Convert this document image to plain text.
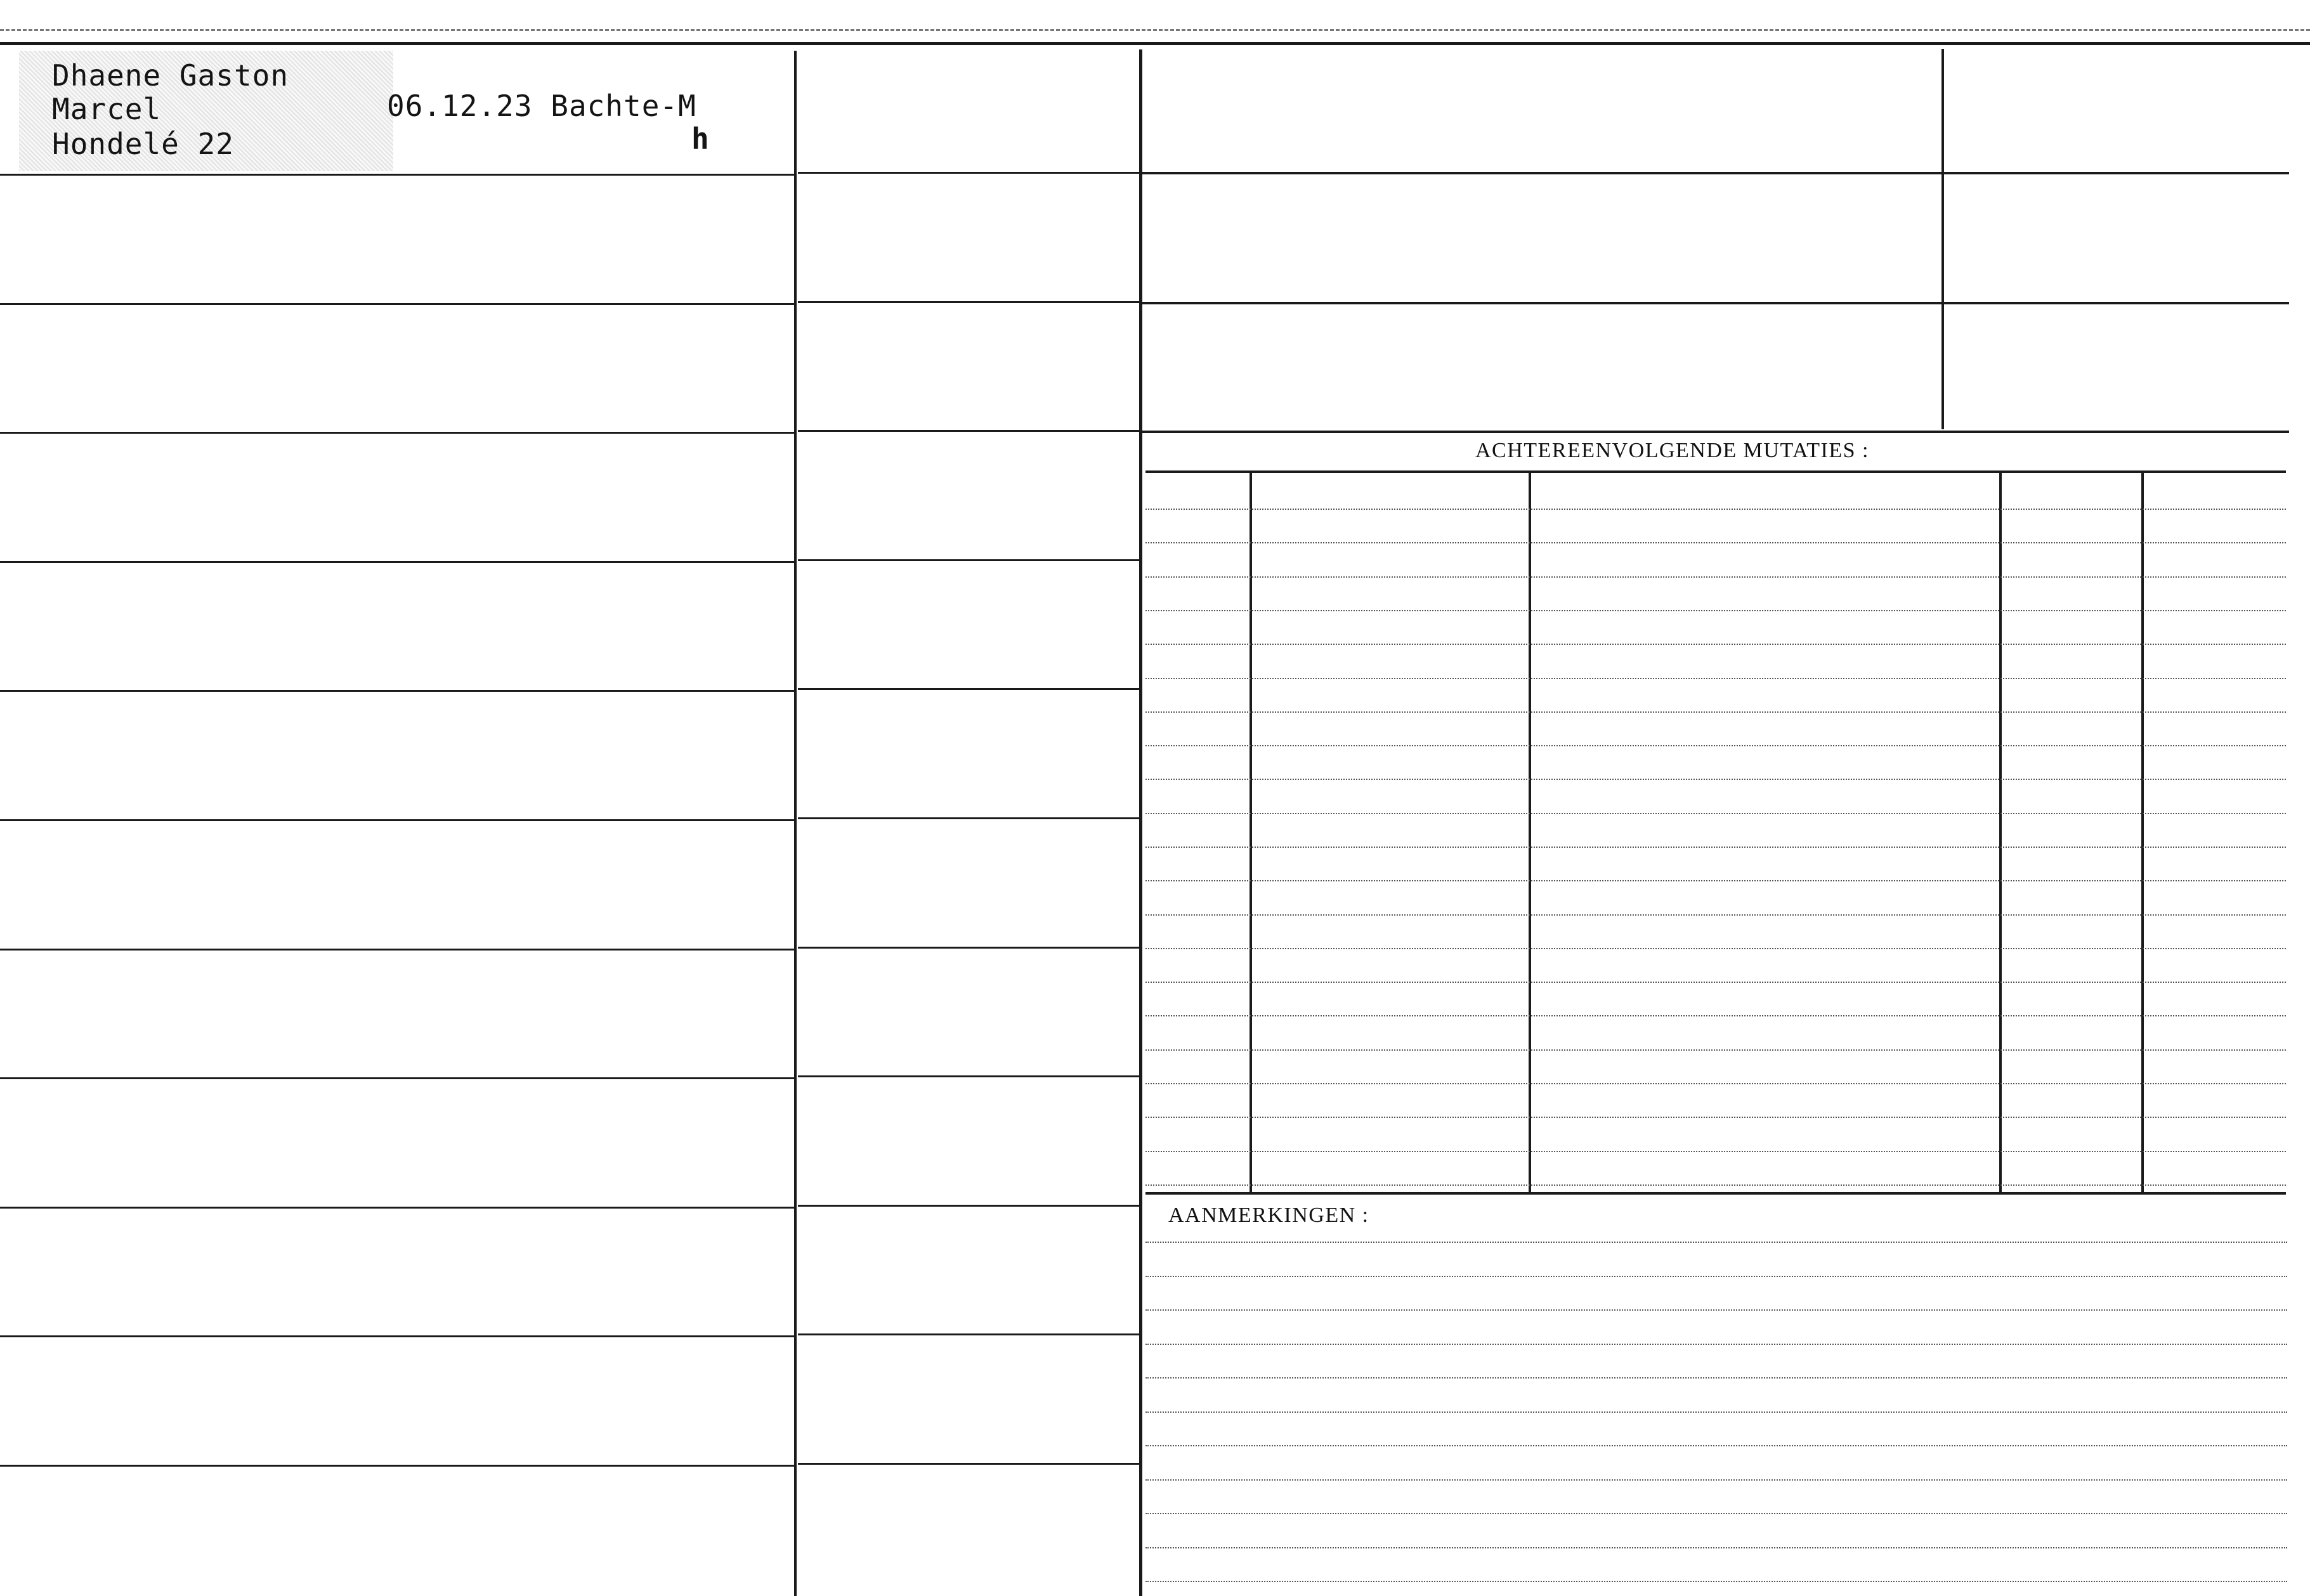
Dhaene Gaston
Marcel
Hondelé 22
06.12.23 Bachte-M
h
ACHTEREENVOLGENDE MUTATIES :
AANMERKINGEN :
